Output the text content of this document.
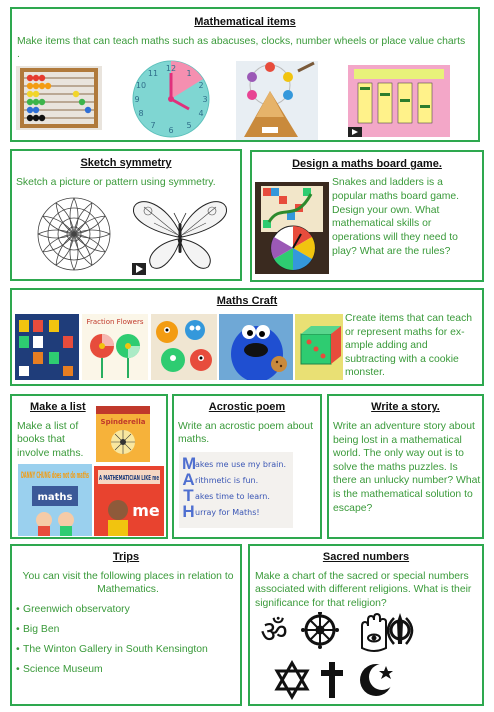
Mathematical items
Make items that can teach maths such as abacuses, clocks, number wheels or place value charts .
12
1
2
3
4
5
6
7
8
9
10
11
Sketch symmetry
Sketch a picture or pattern using symmetry.
Design a maths board game.
Snakes and ladders is a popular maths board game. Design your own. What mathematical skills or operations will they need to play? What are the rules?
Maths Craft
Fraction Flowers	Create items that can teach or represent maths for ex-ample adding and subtracting with a cookie monster.
Make a list
Make a list of books that involve maths.
Spinderella
DANNY CHUNG does not do maths
maths
A MATHEMATICIAN LIKE me
me
Acrostic poem
Write an acrostic poem about maths.
M
akes me use my brain.
A rithmetic is fun.
T akes time to learn.
H urray for Maths!
Write a story.
Write an adventure story about being lost in a mathematical world. The only way out is to solve the maths puzzles. Is there an unlucky number? What is the mathematical solution to escape?
Trips
You can visit the following places in relation to Mathematics.
• Greenwich observatory
• Big Ben
• The Winton Gallery in South Kensington
• Science Museum
Sacred numbers
Make a chart of the sacred or special numbers associated with different religions. What is their significance for that religion?
ॐ
